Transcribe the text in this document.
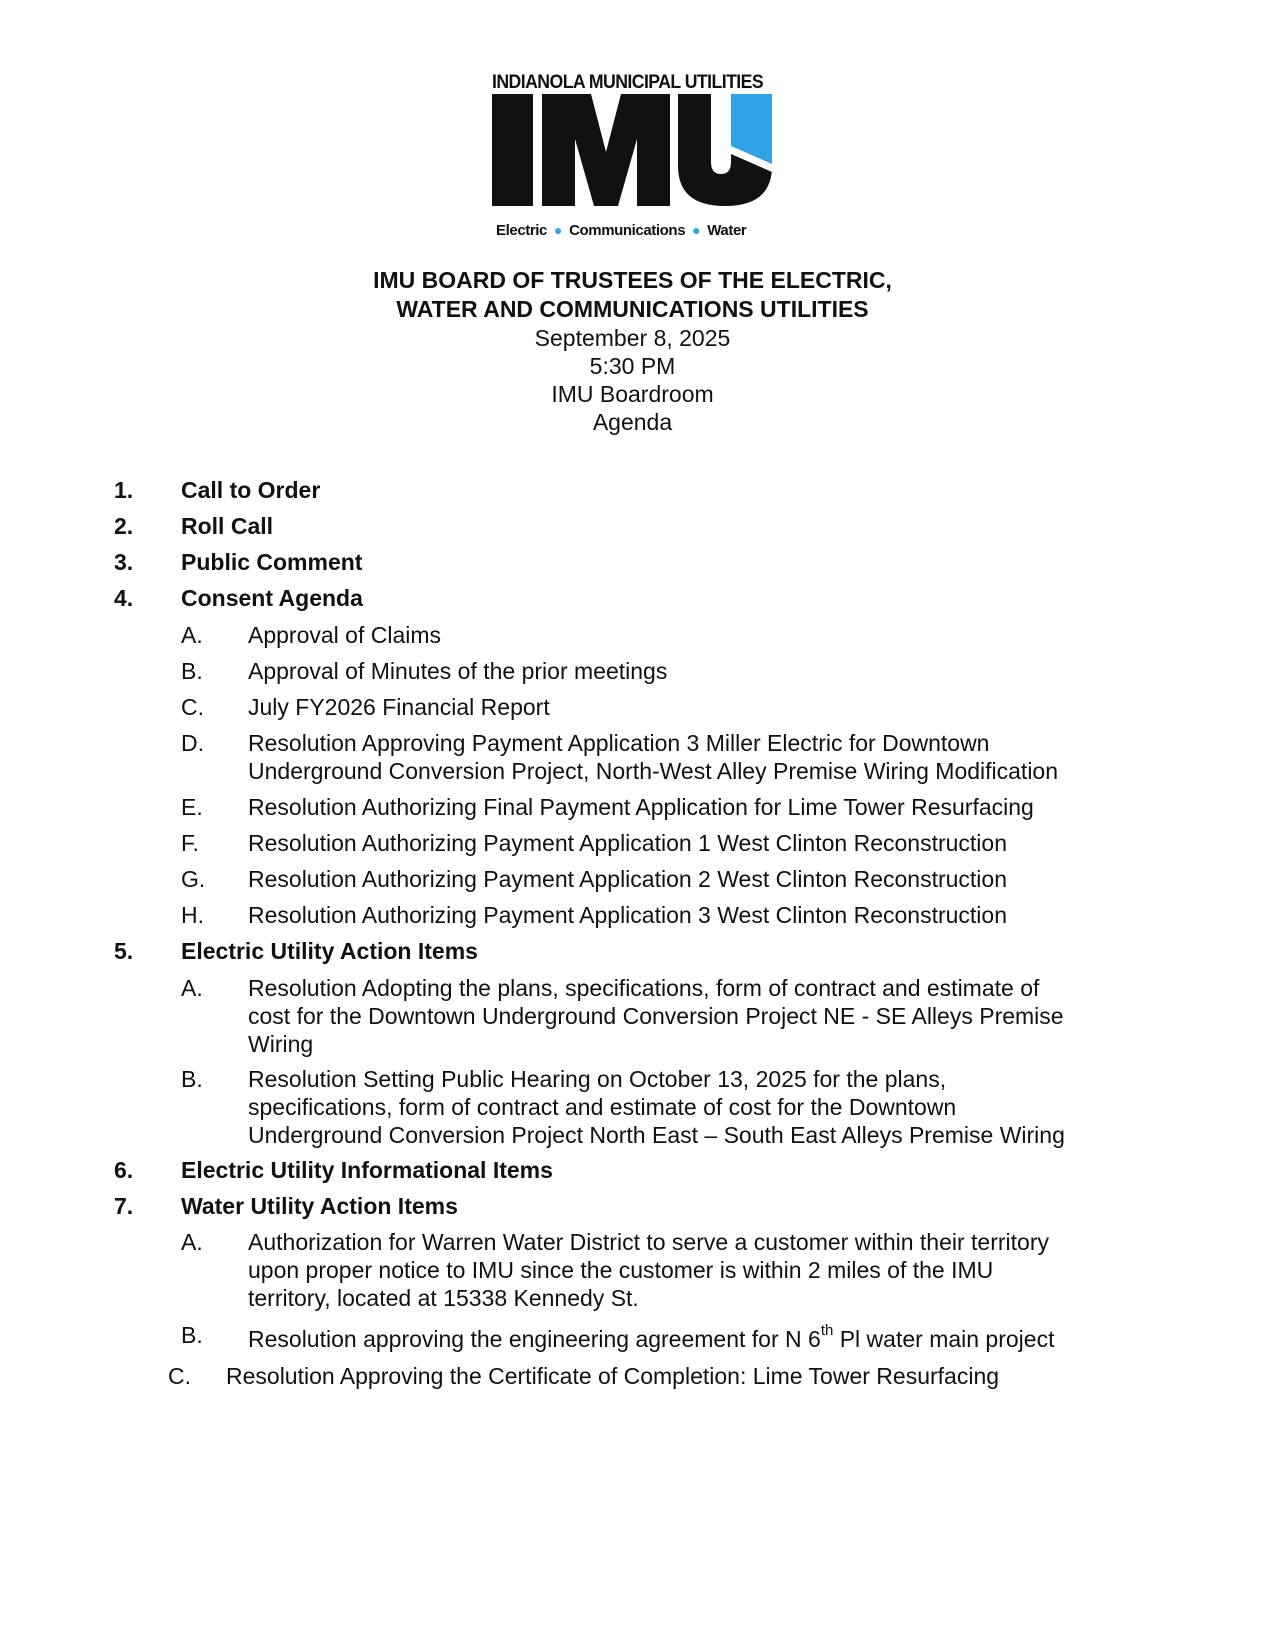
INDIANOLA MUNICIPAL UTILITIES
Electric ● Communications ● Water
IMU BOARD OF TRUSTEES OF THE ELECTRIC,
WATER AND COMMUNICATIONS UTILITIES
September 8, 2025
5:30 PM
IMU Boardroom
Agenda
1. Call to Order
2. Roll Call
3. Public Comment
4. Consent Agenda
A. Approval of Claims
B. Approval of Minutes of the prior meetings
C. July FY2026 Financial Report
D. Resolution Approving Payment Application 3 Miller Electric for Downtown
Underground Conversion Project, North-West Alley Premise Wiring Modification
E. Resolution Authorizing Final Payment Application for Lime Tower Resurfacing
F. Resolution Authorizing Payment Application 1 West Clinton Reconstruction
G. Resolution Authorizing Payment Application 2 West Clinton Reconstruction
H. Resolution Authorizing Payment Application 3 West Clinton Reconstruction
5. Electric Utility Action Items
A. Resolution Adopting the plans, specifications, form of contract and estimate of
cost for the Downtown Underground Conversion Project NE - SE Alleys Premise
Wiring
B. Resolution Setting Public Hearing on October 13, 2025 for the plans,
specifications, form of contract and estimate of cost for the Downtown
Underground Conversion Project North East – South East Alleys Premise Wiring
6. Electric Utility Informational Items
7. Water Utility Action Items
A. Authorization for Warren Water District to serve a customer within their territory
upon proper notice to IMU since the customer is within 2 miles of the IMU
territory, located at 15338 Kennedy St.
B. Resolution approving the engineering agreement for N 6th Pl water main project
C. Resolution Approving the Certificate of Completion: Lime Tower Resurfacing
